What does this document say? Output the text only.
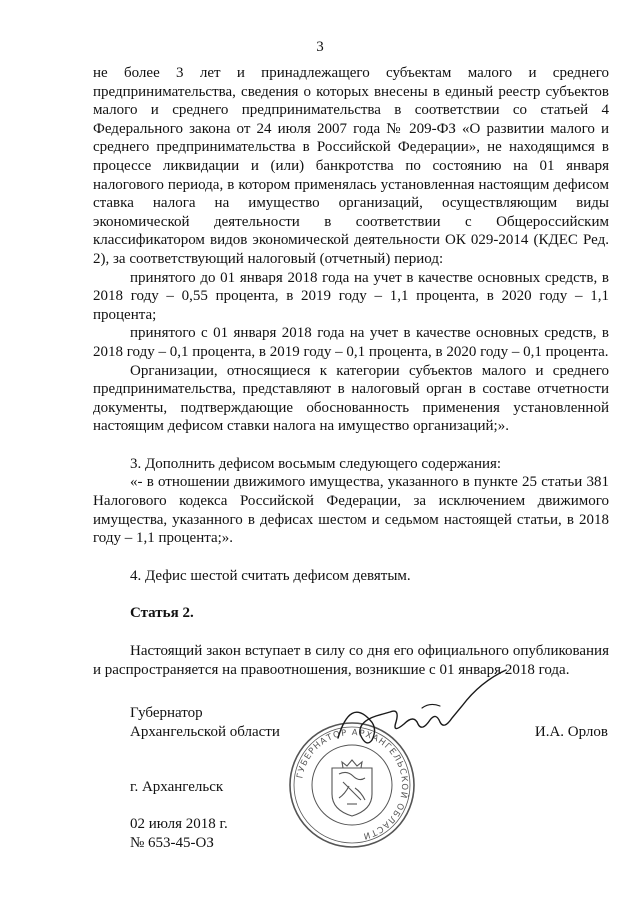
3

не более 3 лет и принадлежащего субъектам малого и среднего предпринимательства, сведения о которых внесены в единый реестр субъектов малого и среднего предпринимательства в соответствии со статьей 4 Федерального закона от 24 июля 2007 года № 209-ФЗ «О развитии малого и среднего предпринимательства в Российской Федерации», не находящимся в процессе ликвидации и (или) банкротства по состоянию на 01 января налогового периода, в котором применялась установленная настоящим дефисом ставка налога на имущество организаций, осуществляющим виды экономической деятельности в соответствии с Общероссийским классификатором видов экономической деятельности ОК 029-2014 (КДЕС Ред. 2), за соответствующий налоговый (отчетный) период:

принятого до 01 января 2018 года на учет в качестве основных средств, в 2018 году – 0,55 процента, в 2019 году – 1,1 процента, в 2020 году – 1,1 процента;

принятого с 01 января 2018 года на учет в качестве основных средств, в 2018 году – 0,1 процента, в 2019 году – 0,1 процента, в 2020 году – 0,1 процента.

Организации, относящиеся к категории субъектов малого и среднего предпринимательства, представляют в налоговый орган в составе отчетности документы, подтверждающие обоснованность применения установленной настоящим дефисом ставки налога на имущество организаций;».

3. Дополнить дефисом восьмым следующего содержания:

«- в отношении движимого имущества, указанного в пункте 25 статьи 381 Налогового кодекса Российской Федерации, за исключением движимого имущества, указанного в дефисах шестом и седьмом настоящей статьи, в 2018 году – 1,1 процента;».

4. Дефис шестой считать дефисом девятым.

Статья 2.

Настоящий закон вступает в силу со дня его официального опубликования и распространяется на правоотношения, возникшие с 01 января 2018 года.

Губернатор
Архангельской области	И.А. Орлов
г. Архангельск
02 июля 2018 г.
№ 653-45-ОЗ
ГУБЕРНАТОР АРХАНГЕЛЬСКОЙ ОБЛАСТИ
